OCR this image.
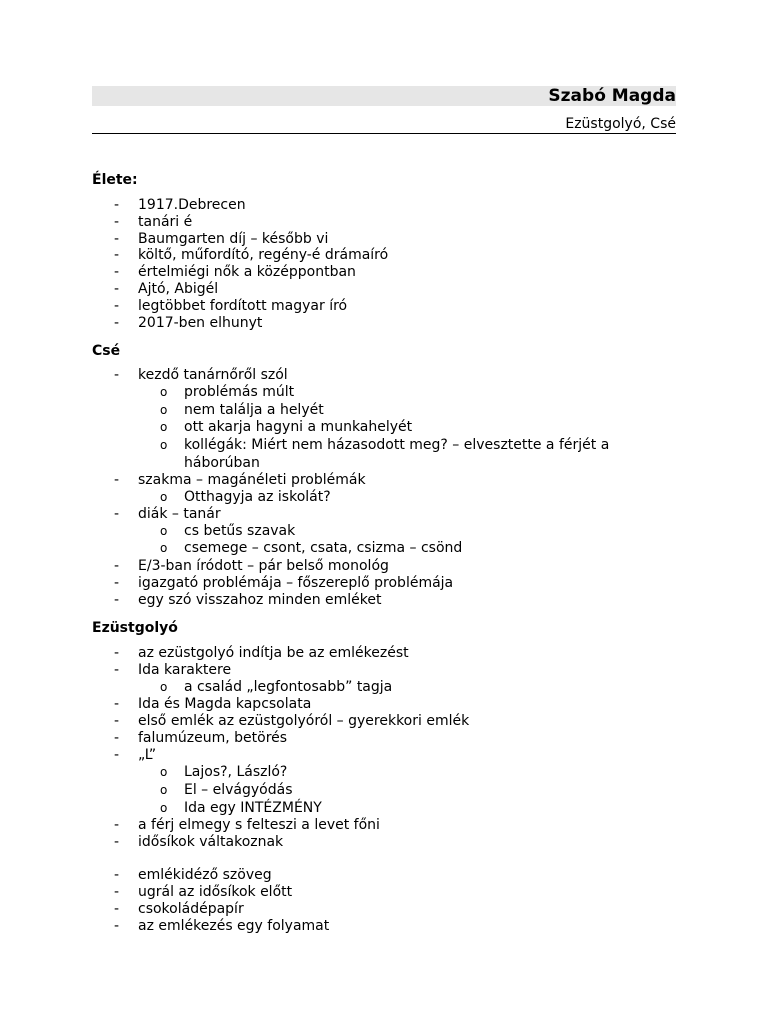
Szabó Magda
Ezüstgolyó, Csé
Élete:
- 1917.Debrecen
- tanári é
- Baumgarten díj – később vi
- költő, műfordító, regény-é drámaíró
- értelmiégi nők a középpontban
- Ajtó, Abigél
- legtöbbet fordított magyar író
- 2017-ben elhunyt
Csé
- kezdő tanárnőről szól
o problémás múlt
o nem találja a helyét
o ott akarja hagyni a munkahelyét
o kollégák: Miért nem házasodott meg? – elvesztette a férjét a
háborúban
- szakma – magánéleti problémák
o Otthagyja az iskolát?
- diák – tanár
o cs betűs szavak
o csemege – csont, csata, csizma – csönd
- E/3-ban íródott – pár belső monológ
- igazgató problémája – főszereplő problémája
- egy szó visszahoz minden emléket
Ezüstgolyó
- az ezüstgolyó indítja be az emlékezést
- Ida karaktere
o a család „legfontosabb” tagja
- Ida és Magda kapcsolata
- első emlék az ezüstgolyóról – gyerekkori emlék
- falumúzeum, betörés
- „L”
o Lajos?, László?
o El – elvágyódás
o Ida egy INTÉZMÉNY
- a férj elmegy s felteszi a levet főni
- idősíkok váltakoznak
- emlékidéző szöveg
- ugrál az idősíkok előtt
- csokoládépapír
- az emlékezés egy folyamat
